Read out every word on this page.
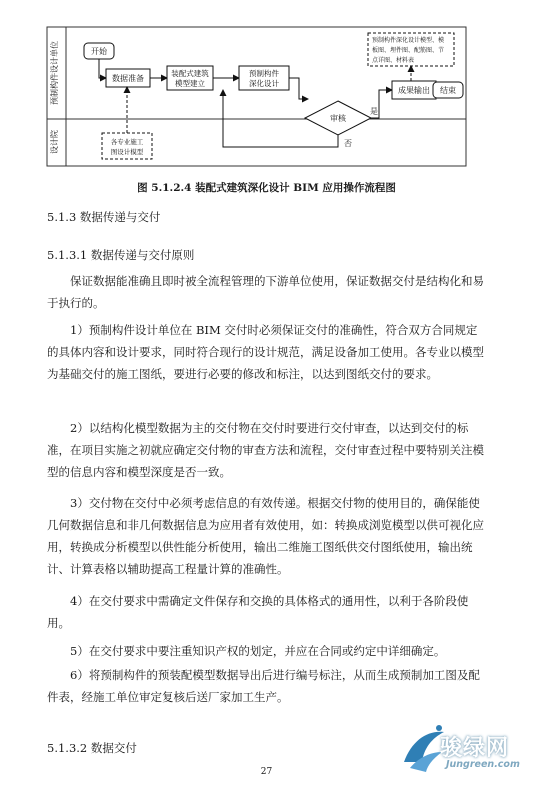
预制构件设计单位
设计院
开始
数据准备
装配式建筑
模型建立
预制构件
深化设计
审核
否
是
成果输出 结束
预制构件深化设计模型、模
板图、埋件图、配筋图、节
点详图、材料表
各专业施工
图设计模型
图 5.1.2.4 装配式建筑深化设计 BIM 应用操作流程图
5.1.3 数据传递与交付
5.1.3.1 数据传递与交付原则

保证数据能准确且即时被全流程管理的下游单位使用，保证数据交付是结构化和易于执行的。

1）预制构件设计单位在 BIM 交付时必须保证交付的准确性，符合双方合同规定的具体内容和设计要求，同时符合现行的设计规范，满足设备加工使用。各专业以模型为基础交付的施工图纸，要进行必要的修改和标注，以达到图纸交付的要求。

2）以结构化模型数据为主的交付物在交付时要进行交付审查，以达到交付的标准，在项目实施之初就应确定交付物的审查方法和流程，交付审查过程中要特别关注模型的信息内容和模型深度是否一致。

3）交付物在交付中必须考虑信息的有效传递。根据交付物的使用目的，确保能使几何数据信息和非几何数据信息为应用者有效使用，如：转换成浏览模型以供可视化应用，转换成分析模型以供性能分析使用，输出二维施工图纸供交付图纸使用，输出统计、计算表格以辅助提高工程量计算的准确性。

4）在交付要求中需确定文件保存和交换的具体格式的通用性，以利于各阶段使用。

5）在交付要求中要注重知识产权的划定，并应在合同或约定中详细确定。

6）将预制构件的预装配模型数据导出后进行编号标注，从而生成预制加工图及配件表，经施工单位审定复核后送厂家加工生产。

5.1.3.2 数据交付
27
骏绿网
Jungreen.com
